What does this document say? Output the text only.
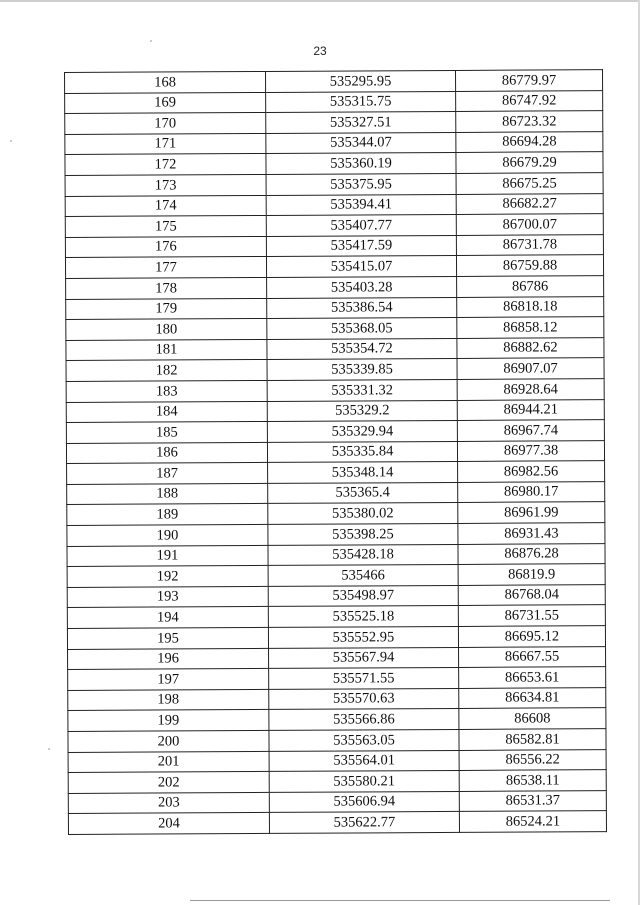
23
168	535295.95	86779.97
169	535315.75	86747.92
170	535327.51	86723.32
171	535344.07	86694.28
172	535360.19	86679.29
173	535375.95	86675.25
174	535394.41	86682.27
175	535407.77	86700.07
176	535417.59	86731.78
177	535415.07	86759.88
178	535403.28	86786
179	535386.54	86818.18
180	535368.05	86858.12
181	535354.72	86882.62
182	535339.85	86907.07
183	535331.32	86928.64
184	535329.2	86944.21
185	535329.94	86967.74
186	535335.84	86977.38
187	535348.14	86982.56
188	535365.4	86980.17
189	535380.02	86961.99
190	535398.25	86931.43
191	535428.18	86876.28
192	535466	86819.9
193	535498.97	86768.04
194	535525.18	86731.55
195	535552.95	86695.12
196	535567.94	86667.55
197	535571.55	86653.61
198	535570.63	86634.81
199	535566.86	86608
200	535563.05	86582.81
201	535564.01	86556.22
202	535580.21	86538.11
203	535606.94	86531.37
204	535622.77	86524.21
